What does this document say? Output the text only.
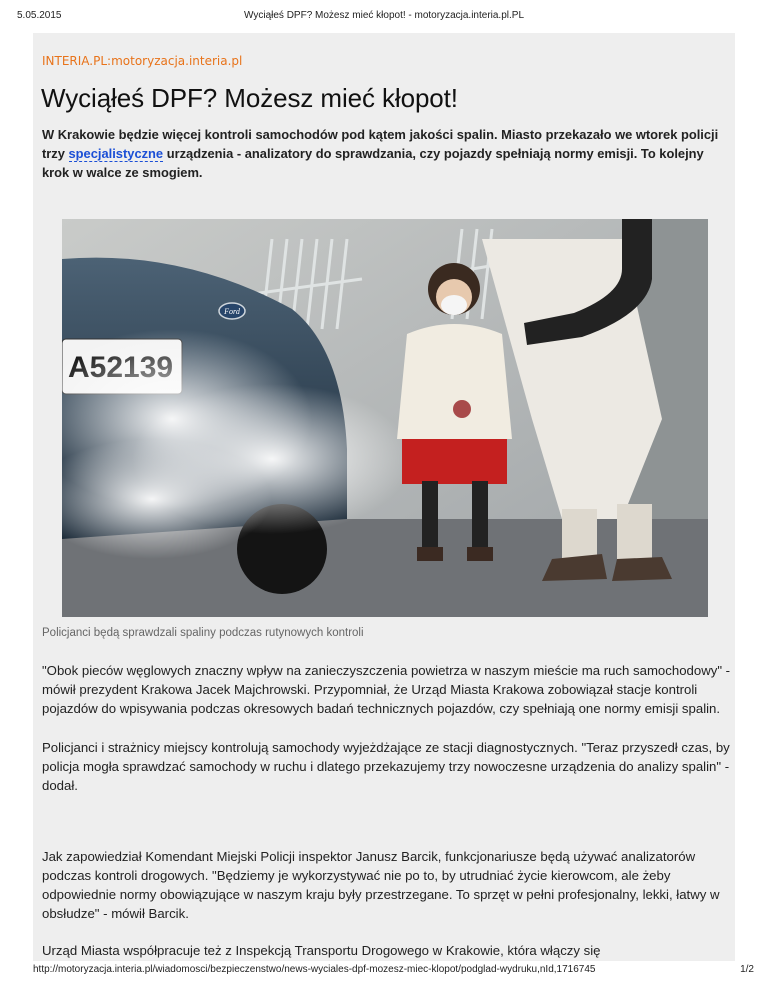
5.05.2015	Wyciąłeś DPF? Możesz mieć kłopot! - motoryzacja.interia.pl.PL
INTERIA.PL:motoryzacja.interia.pl
Wyciąłeś DPF? Możesz mieć kłopot!

W Krakowie będzie więcej kontroli samochodów pod kątem jakości spalin. Miasto przekazało we wtorek policji trzy specjalistyczne urządzenia - analizatory do sprawdzania, czy pojazdy spełniają normy emisji. To kolejny krok w walce ze smogiem.

Ford
Policjanci będą sprawdzali spaliny podczas rutynowych kontroli

"Obok pieców węglowych znaczny wpływ na zanieczyszczenia powietrza w naszym mieście ma ruch samochodowy" - mówił prezydent Krakowa Jacek Majchrowski. Przypomniał, że Urząd Miasta Krakowa zobowiązał stacje kontroli pojazdów do wpisywania podczas okresowych badań technicznych pojazdów, czy spełniają one normy emisji spalin.

Policjanci i strażnicy miejscy kontrolują samochody wyjeżdżające ze stacji diagnostycznych. "Teraz przyszedł czas, by policja mogła sprawdzać samochody w ruchu i dlatego przekazujemy trzy nowoczesne urządzenia do analizy spalin" - dodał.

Jak zapowiedział Komendant Miejski Policji inspektor Janusz Barcik, funkcjonariusze będą używać analizatorów podczas kontroli drogowych. "Będziemy je wykorzystywać nie po to, by utrudniać życie kierowcom, ale żeby odpowiednie normy obowiązujące w naszym kraju były przestrzegane. To sprzęt w pełni profesjonalny, lekki, łatwy w obsłudze" - mówił Barcik.

Urząd Miasta współpracuje też z Inspekcją Transportu Drogowego w Krakowie, która włączy się

http://motoryzacja.interia.pl/wiadomosci/bezpieczenstwo/news-wyciales-dpf-mozesz-miec-klopot/podglad-wydruku,nId,1716745	1/2
